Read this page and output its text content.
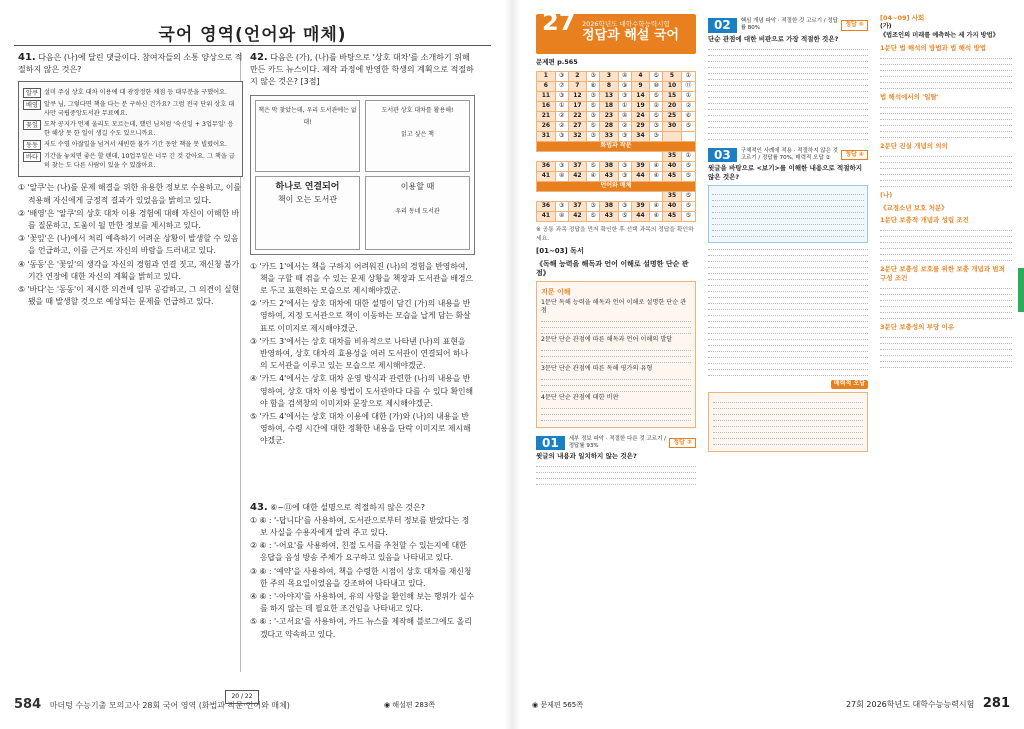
국어 영역(언어와 매체)
41. 다음은 (나)에 달린 댓글이다. 참여자들의 소통 양상으로 적절하지 않은 것은?
알쿠 설미 주심 상호 대차 이용에 대 광장정한 채점 등 대부분을 구했어요.
배영 알쿠 님, 그렇다면 책을 다는 분 구하신 건가요? 그럼 전국 단위 상호 대사만 국립중앙도서관 무료예요.
꽃잎 도착 공지가 언제 울리도 모르는데, 했던 님처럼 '숙신일 + 3업무일' 응한 해상 못 한 일이 생길 수도 있으니까요.
동동 저도 수영 아잖일을 넘겨서 새빈한 불가 기간 동안 책을 못 빌렸어요.
바다 기간을 놓치면 좋은 할 텐데, 10업무일은 너무 긴 것 같아요. 그 책을 급히 찾는 도 다른 사람이 있을 수 있잖아요.
① '알쿠'는 (나)를 문제 해결을 위한 유용한 정보로 수용하고, 이를 적용해 자신에게 긍정적 결과가 있었음을 밝히고 있다.
② '배영'은 '알쿠'의 상호 대차 이용 경험에 대해 자신이 이해한 바를 질문하고, 도움이 될 만한 정보를 제시하고 있다.
③ '꽃잎'은 (나)에서 처리 예측하기 어려운 상황이 발생할 수 있음을 언급하고, 이를 근거로 자신의 바람을 드러내고 있다.
④ '동동'은 '꽃잎'의 생각을 자신의 경험과 연결 짓고, 재신청 불가 기간 연장에 대한 자신의 계획을 밝히고 있다.
⑤ '바다'는 '동동'이 제시한 의견에 일부 공감하고, 그 의견이 실현됐을 때 발생할 것으로 예상되는 문제를 언급하고 있다.
42. 다음은 (가), (나)를 바탕으로 '상호 대차'를 소개하기 위해 만든 카드 뉴스이다. 제작 과정에 반영한 학생의 계획으로 적절하지 않은 것은? [3점]
책은 막 찾았는데, 우리 도서관에는 없대!
도서관 상호 대차를 활용해!

읽고 싶은 책
하나로 연결되어
책이 오는 도서관
이용할 때

우리 동네 도서관
① '카드 1'에서는 책을 구하지 어려워진 (나)의 경험을 반영하여, 책을 구할 때 겪을 수 있는 문제 상황을 책장과 도서관을 배경으로 두고 표현하는 모습으로 제시해야겠군.
② '카드 2'에서는 상호 대차에 대한 설명이 담긴 (가)의 내용을 반영하여, 지정 도서관으로 책이 이동하는 모습을 납게 담는 화살표로 이미지로 제시해야겠군.
③ '카드 3'에서는 상호 대차를 비유적으로 나타낸 (나)의 표현을 반영하여, 상호 대차의 효용성을 여러 도서관이 연결되어 하나의 도서관을 이루고 있는 모습으로 제시해야겠군.
④ '카드 4'에서는 상호 대차 운영 방식과 관련한 (나)의 내용을 반영하여, 상호 대차 이용 방법이 도서관마다 다를 수 있다 확인해야 함을 검색창의 이미지와 문장으로 제시해야겠군.
⑤ '카드 4'에서는 상호 대차 이용에 대한 (가)와 (나)의 내용을 반영하여, 수령 시간에 대한 정확한 내용을 단락 이미지로 제시해야겠군.
43. ⑥~⑪에 대한 설명으로 적절하지 않은 것은?
① ⑥ : '-답니다'를 사용하여, 도서관으로부터 정보를 받았다는 정보 사실을 수용자에게 알려 주고 있다.
② ⑥ : '-어요'를 사용하여, 친절 도서를 추천할 수 있는지에 대한 응답을 음성 방송 주체가 요구하고 있음을 나타내고 있다.
③ ⑥ : '예약'을 사용하여, 책을 수령한 시점이 상호 대차를 재신청 한 주의 목요일이었음을 강조하여 나타내고 있다.
④ ⑥ : '-아야지'를 사용하여, 유의 사항을 환인해 보는 행위가 실수를 하지 않는 데 필요한 조건임을 나타내고 있다.
⑤ ⑥ : '-고서요'를 사용하여, 카드 뉴스를 제작해 블로그에도 올리겠다고 약속하고 있다.
584 마더텅 수능기출 모의고사 28회 국어 영역 (화법과 작문·언어와 매체)
20 / 22
◉ 해설편 283쪽
27 2026학년도 대학수학능력시험
정답과 해설 국어
문제편 p.565
1	③	2	③	3	④	4	⑤	5	①
6	⑦	7	⑧	8	⑨	9	⑩	10	⑪
11	③	12	③	13	③	14	⑤	15	①
16	①	17	⑤	18	①	19	②	20	②
21	②	22	③	23	④	24	⑤	25	⑥
26	②	27	⑤	28	②	29	③	30	⑤
31	③	32	③	33	③	34	③		
화법과 작문									
								35	①
36	③	37	⑤	38	③	39	④	40	⑤
41	④	42	④	43	③	44	④	45	⑤
언어와 매체									
								35	⑤
36	③	37	③	38	③	39	④	40	⑤
41	④	42	⑤	43	⑤	44	④	45	⑤
※ 공통 과목 정답을 먼저 확인한 후 선택 과목의 정답을 확인하세요.
[01~03] 독서
《독해 능력을 해독과 언어 이해로 설명한 단순 관점》
지문 이해
1문단 독해 능력을 해독과 언어 이해로 설명한 단순 관점
2문단 단순 관점에 따른 해독과 언어 이해의 발달
3문단 단순 관점에 따른 독해 평가의 유형
4문단 단순 관점에 대한 비판
01	세부 정보 파악 · 적절한 다른 것 고르기 / 정답률 93%
정답 ③
윗글의 내용과 일치하지 않는 것은?
02	핵심 개념 파악 · 적절한 것 고르기 / 정답률 80%
정답 ⑤
단순 관점에 대한 비판으로 가장 적절한 것은?
03	구체적인 사례에 적용 · 적절하지 않은 것 고르기 / 정답률 70%, 매력적 오답 ②
정답 ④
윗글을 바탕으로 <보기>를 이해한 내용으로 적절하지 않은 것은?
매력적 오답
[04~09] 사회
(가)
《법조인의 미래를 예측하는 세 가지 방법》
1문단 법 해석의 방법과 법 해석 방법
법 해석에서의 '일탈'
2문단 진실 개념의 의의
(나)
《교정소년 보호 처분》
1문단 보충적 개념과 성립 조건
2문단 보충성 보호를 위한 보충 개념과 범죄 구성 조건
3문단 보충성의 부당 이유
◉ 문제편 565쪽	27회 2026학년도 대학수능능력시험 281
